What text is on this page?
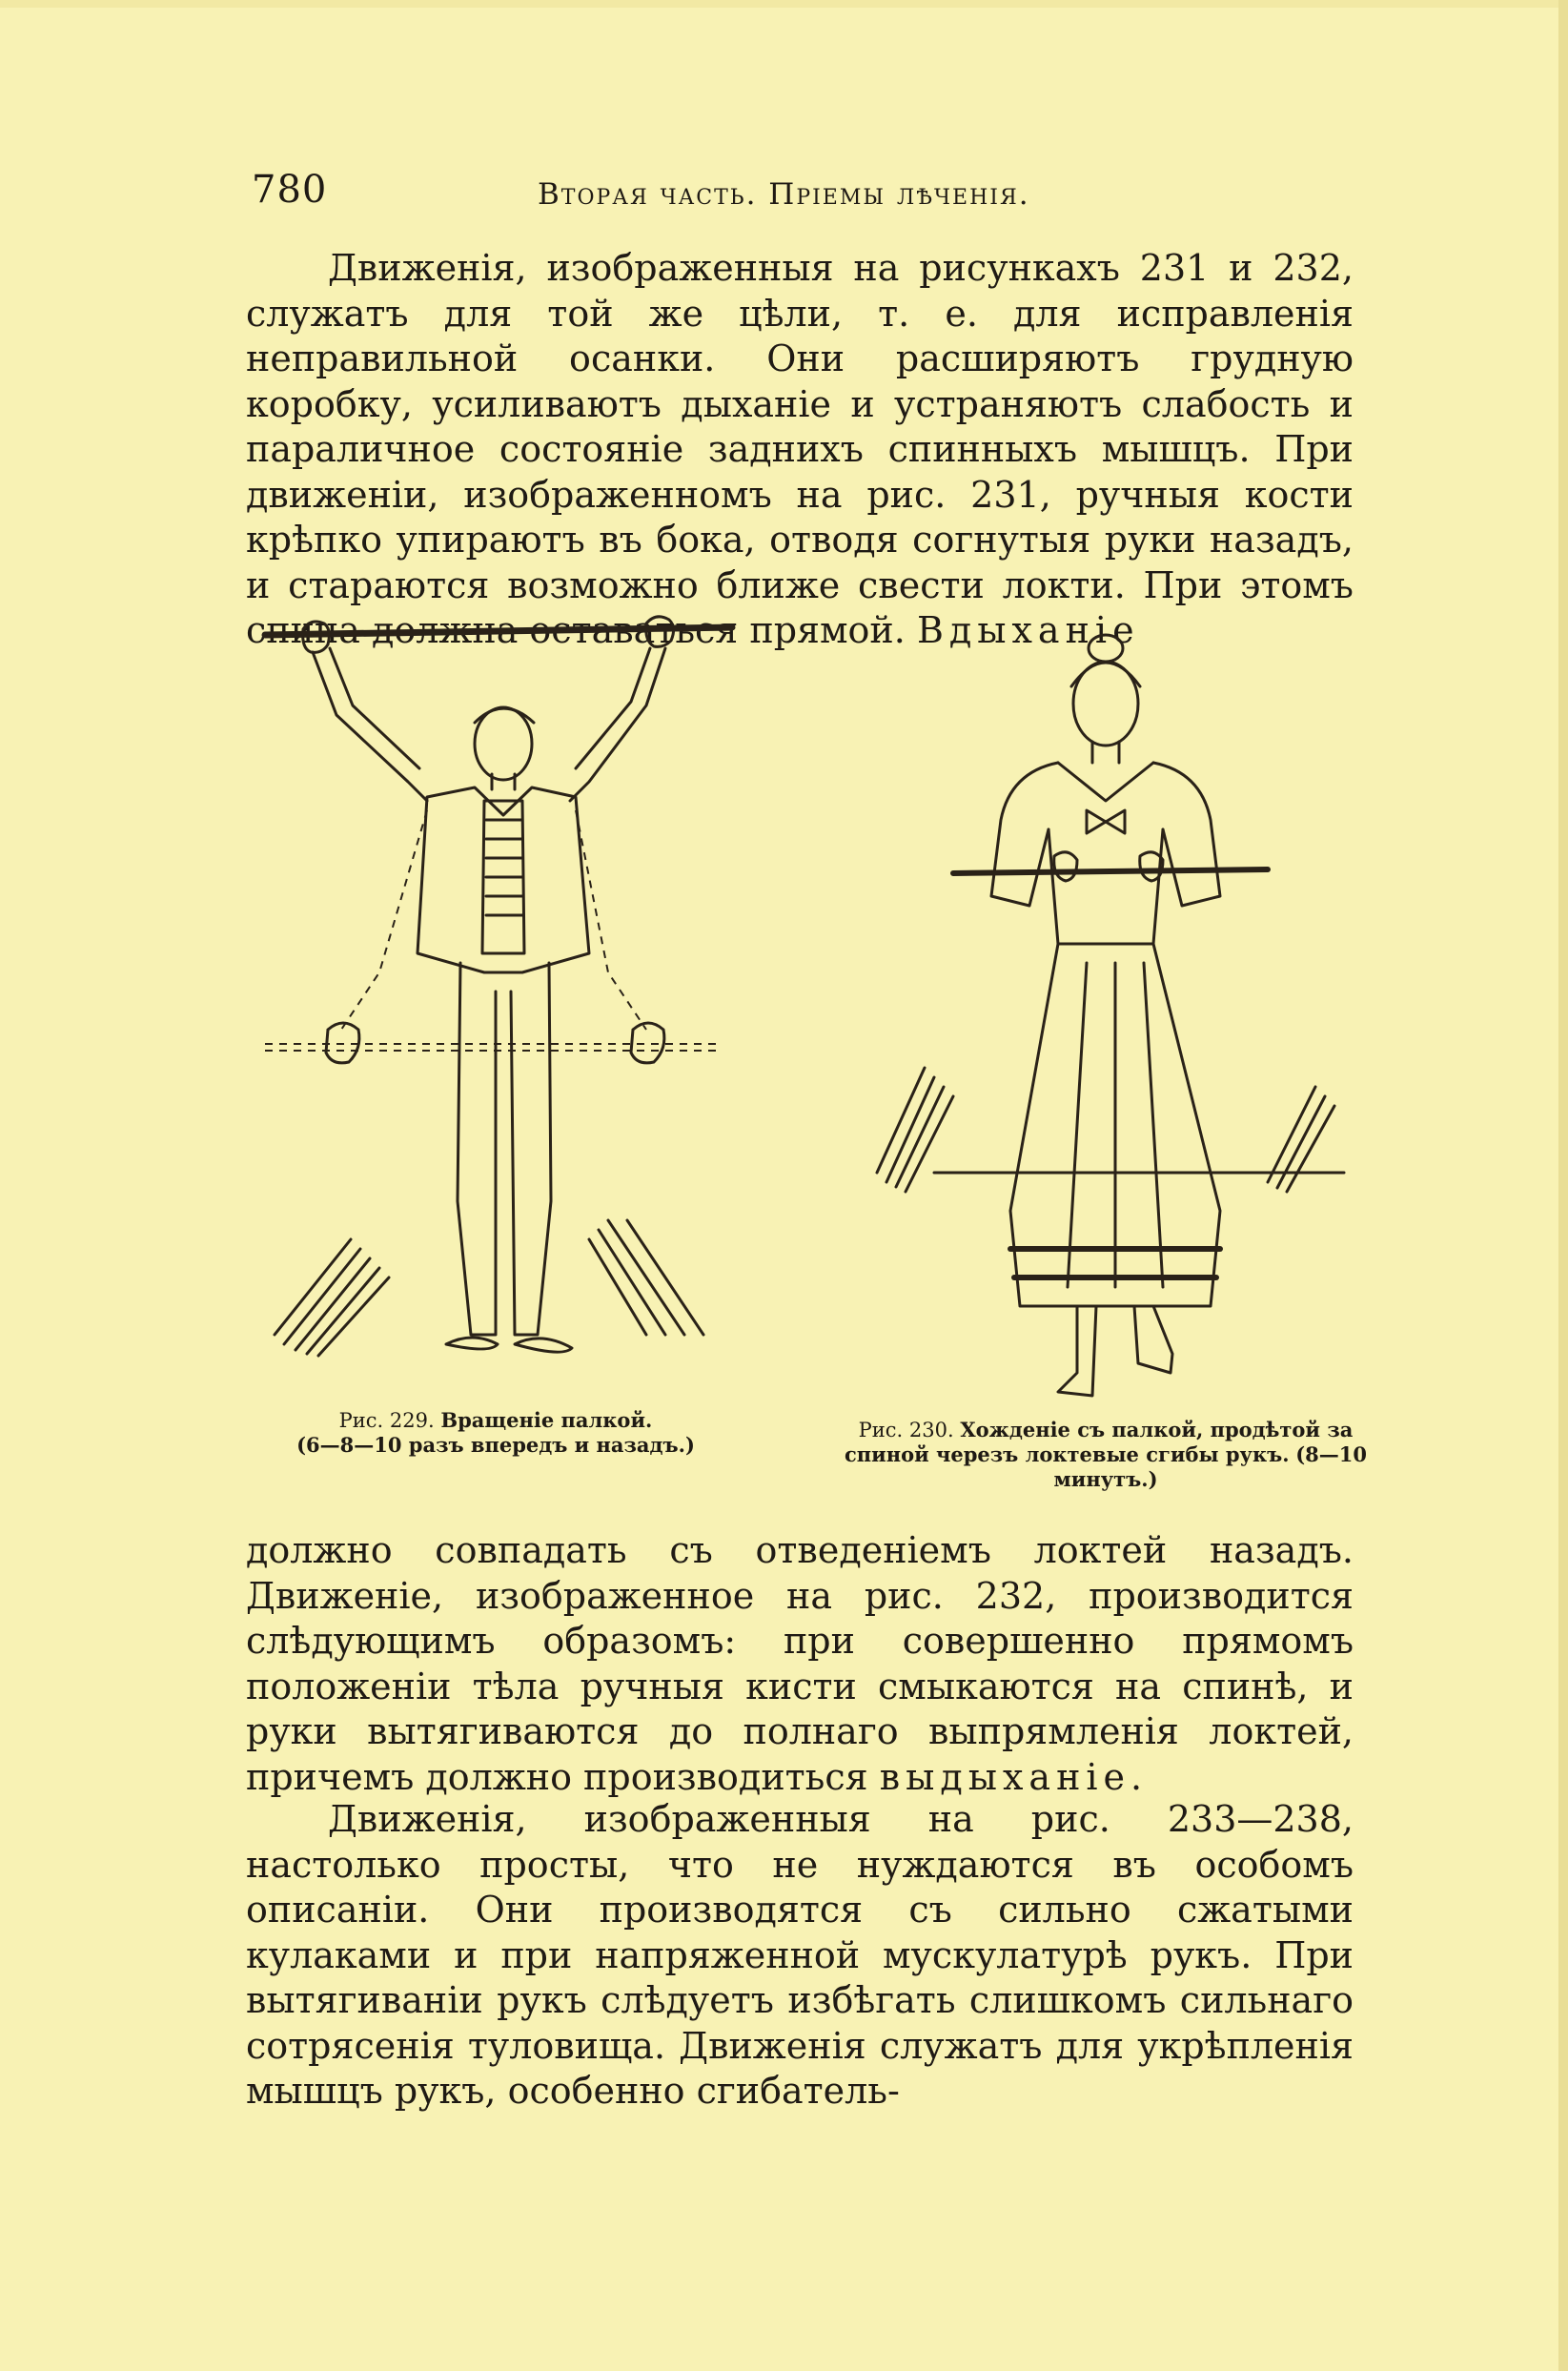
780	Вторая часть. Пріемы лѣченія.

Движенія, изображенныя на рисункахъ 231 и 232, служатъ для той же цѣли, т. е. для исправленія неправильной осанки. Они расширяютъ грудную коробку, усиливаютъ дыханіе и устраняютъ слабость и параличное состояніе заднихъ спинныхъ мышцъ. При движеніи, изображенномъ на рис. 231, ручныя кости крѣпко упираютъ въ бока, отводя согнутыя руки назадъ, и стараются возможно ближе свести локти. При этомъ спина должна оставаться прямой. Вдыханіе

Рис. 229. Вращеніе палкой.
(6—8—10 разъ впередъ и назадъ.)
Рис. 230. Хожденіе съ палкой, продѣтой за спиной черезъ локтевые сгибы рукъ. (8—10 минутъ.)

должно совпадать съ отведеніемъ локтей назадъ. Движеніе, изображенное на рис. 232, производится слѣдующимъ образомъ: при совершенно прямомъ положеніи тѣла ручныя кисти смыкаются на спинѣ, и руки вытягиваются до полнаго выпрямленія локтей, причемъ должно производиться выдыханіе.

Движенія, изображенныя на рис. 233—238, настолько просты, что не нуждаются въ особомъ описаніи. Они производятся съ сильно сжатыми кулаками и при напряженной мускулатурѣ рукъ. При вытягиваніи рукъ слѣдуетъ избѣгать слишкомъ сильнаго сотрясенія туловища. Движенія служатъ для укрѣпленія мышцъ рукъ, особенно сгибатель-
